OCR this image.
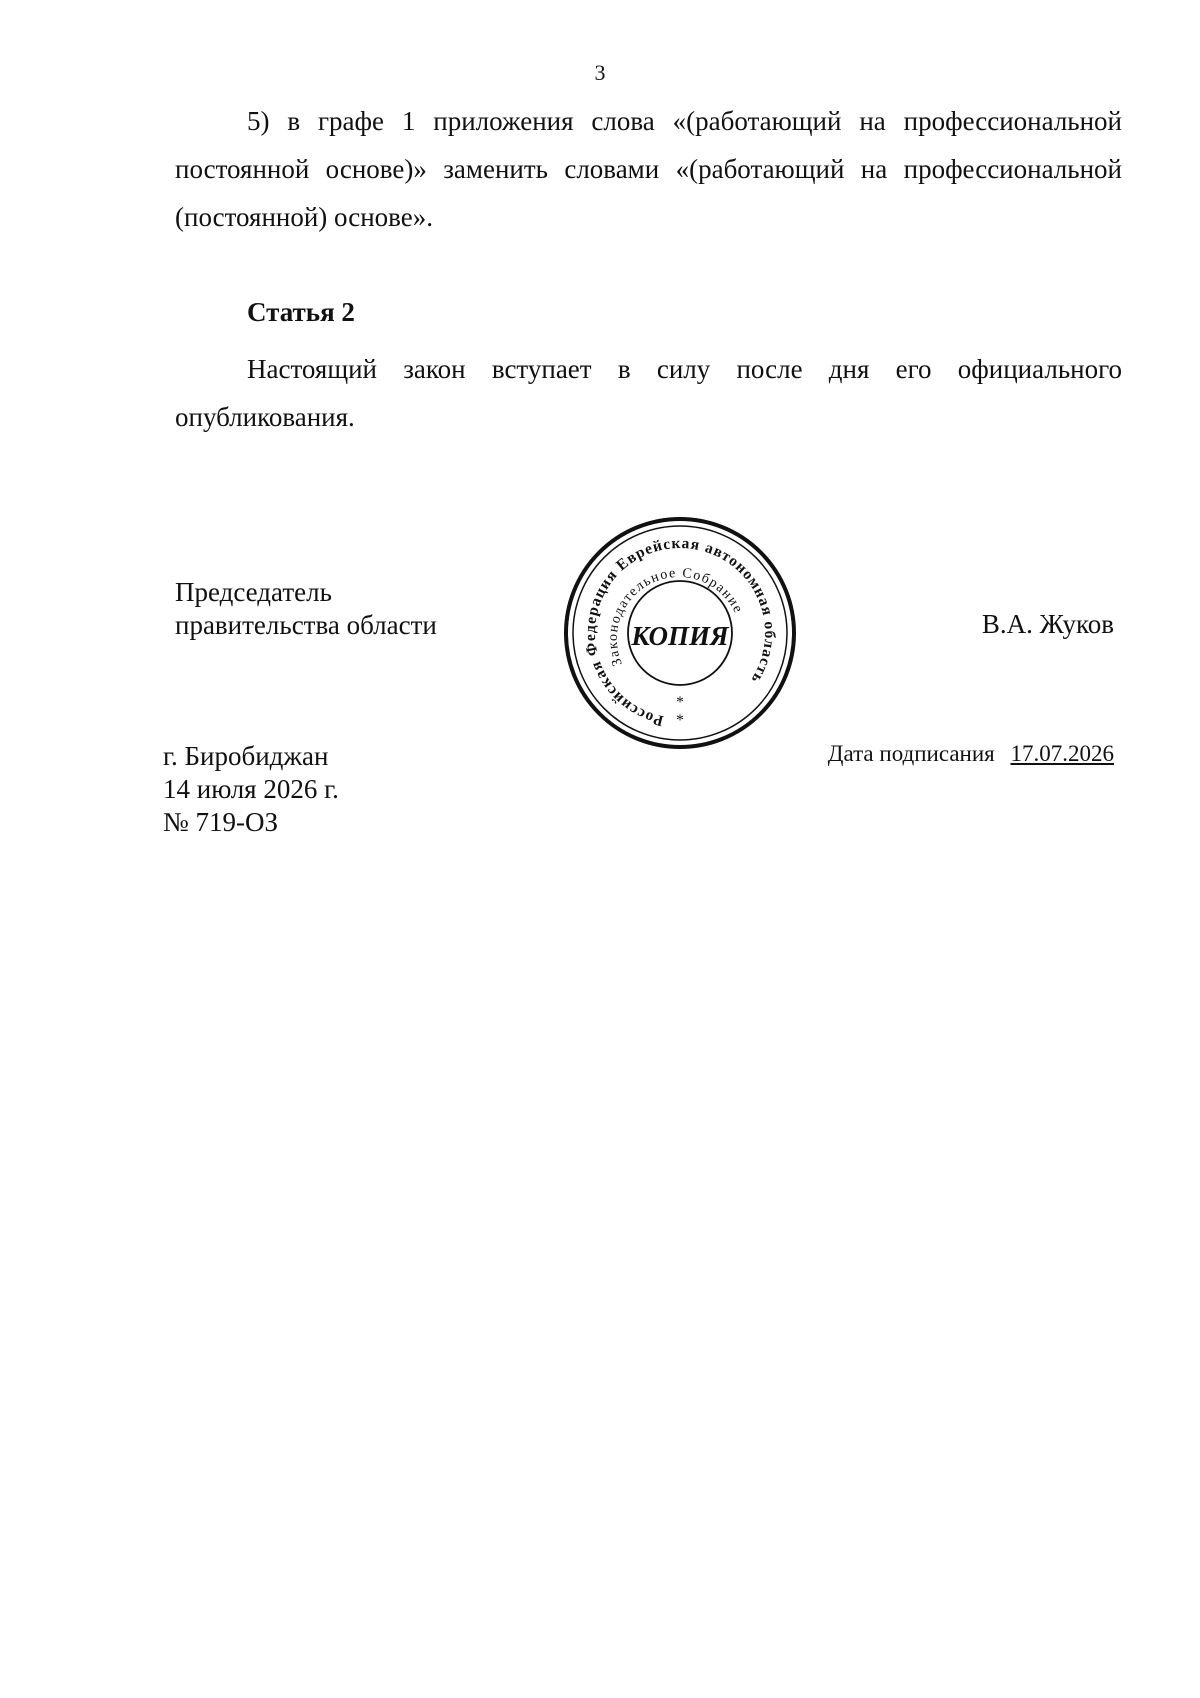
3
5) в графе 1 приложения слова «(работающий на профессиональной постоянной основе)» заменить словами «(работающий на профессиональной (постоянной) основе».
Статья 2
Настоящий закон вступает в силу после дня его официального опубликования.
Председатель
правительства области
Российская Федерация Еврейская автономная область
Законодательное Собрание
КОПИЯ
*
*
В.А. Жуков
г. Биробиджан
14 июля 2026 г.
№ 719-ОЗ
Дата подписания 17.07.2026
